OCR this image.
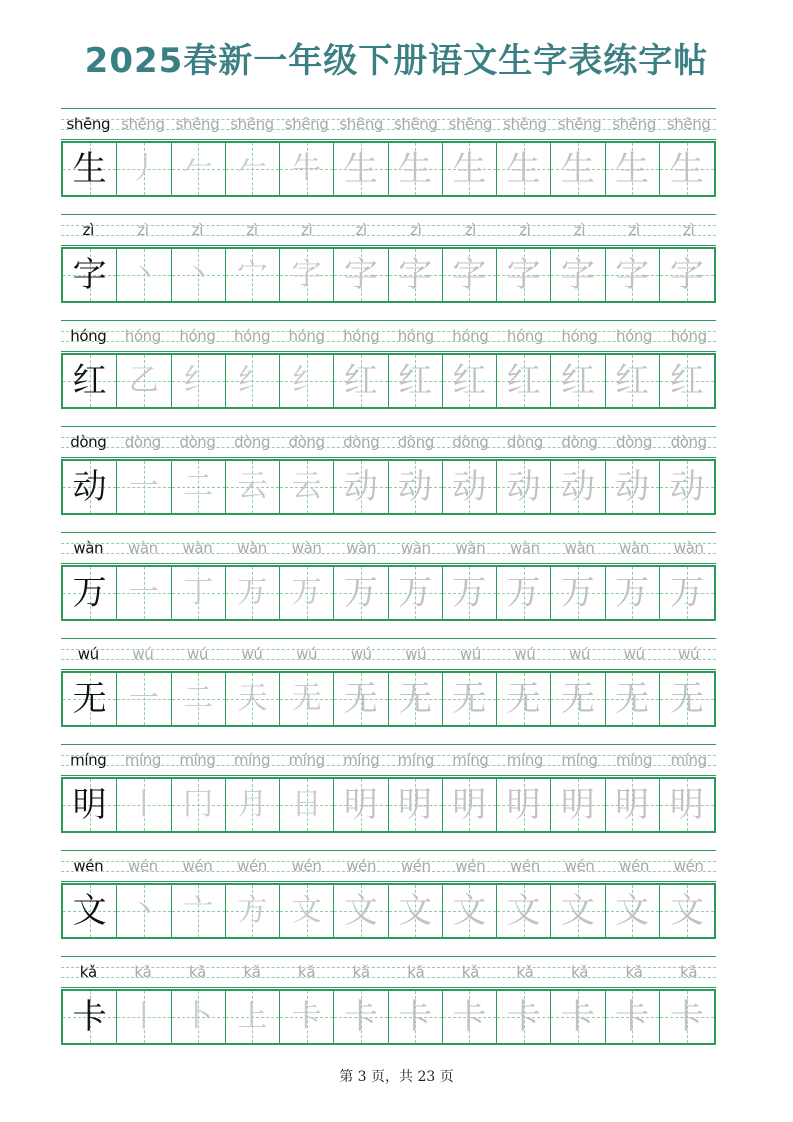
2025春新一年级下册语文生字表练字帖
shēng shēng shēng shēng shēng shēng shēng shēng shēng shēng shēng shēng
生 丿 𠂉 𠂉 牛 生 生 生 生 生 生 生
zì	zì	zì	zì	zì	zì	zì	zì	zì	zì	zì	zì
字 丶 丶 宀 字 字 字 字 字 字 字 字
hóng	hóng	hóng	hóng	hóng	hóng	hóng	hóng	hóng	hóng	hóng	hóng
红 乙 纟 纟 纟 红 红 红 红 红 红 红
dòng	dòng	dòng	dòng	dòng	dòng	dòng	dòng	dòng	dòng	dòng	dòng
动 一 二 云 云 动 动 动 动 动 动 动
wàn	wàn	wàn	wàn	wàn	wàn	wàn	wàn	wàn	wàn	wàn	wàn
万 一 丁 万 万 万 万 万 万 万 万 万
wú	wú	wú	wú	wú	wú	wú	wú	wú	wú	wú	wú
无 一 二 天 无 无 无 无 无 无 无 无
míng	míng	míng	míng	míng	míng	míng	míng	míng	míng	míng	míng
明 丨 冂 月 日 明 明 明 明 明 明 明
wén	wén	wén	wén	wén	wén	wén	wén	wén	wén	wén	wén
文 丶 亠 方 文 文 文 文 文 文 文 文
kǎ	kǎ	kǎ	kǎ	kǎ	kǎ	kǎ	kǎ	kǎ	kǎ	kǎ	kǎ
卡 丨 卜 上 卡 卡 卡 卡 卡 卡 卡 卡
第 3 页，共 23 页
